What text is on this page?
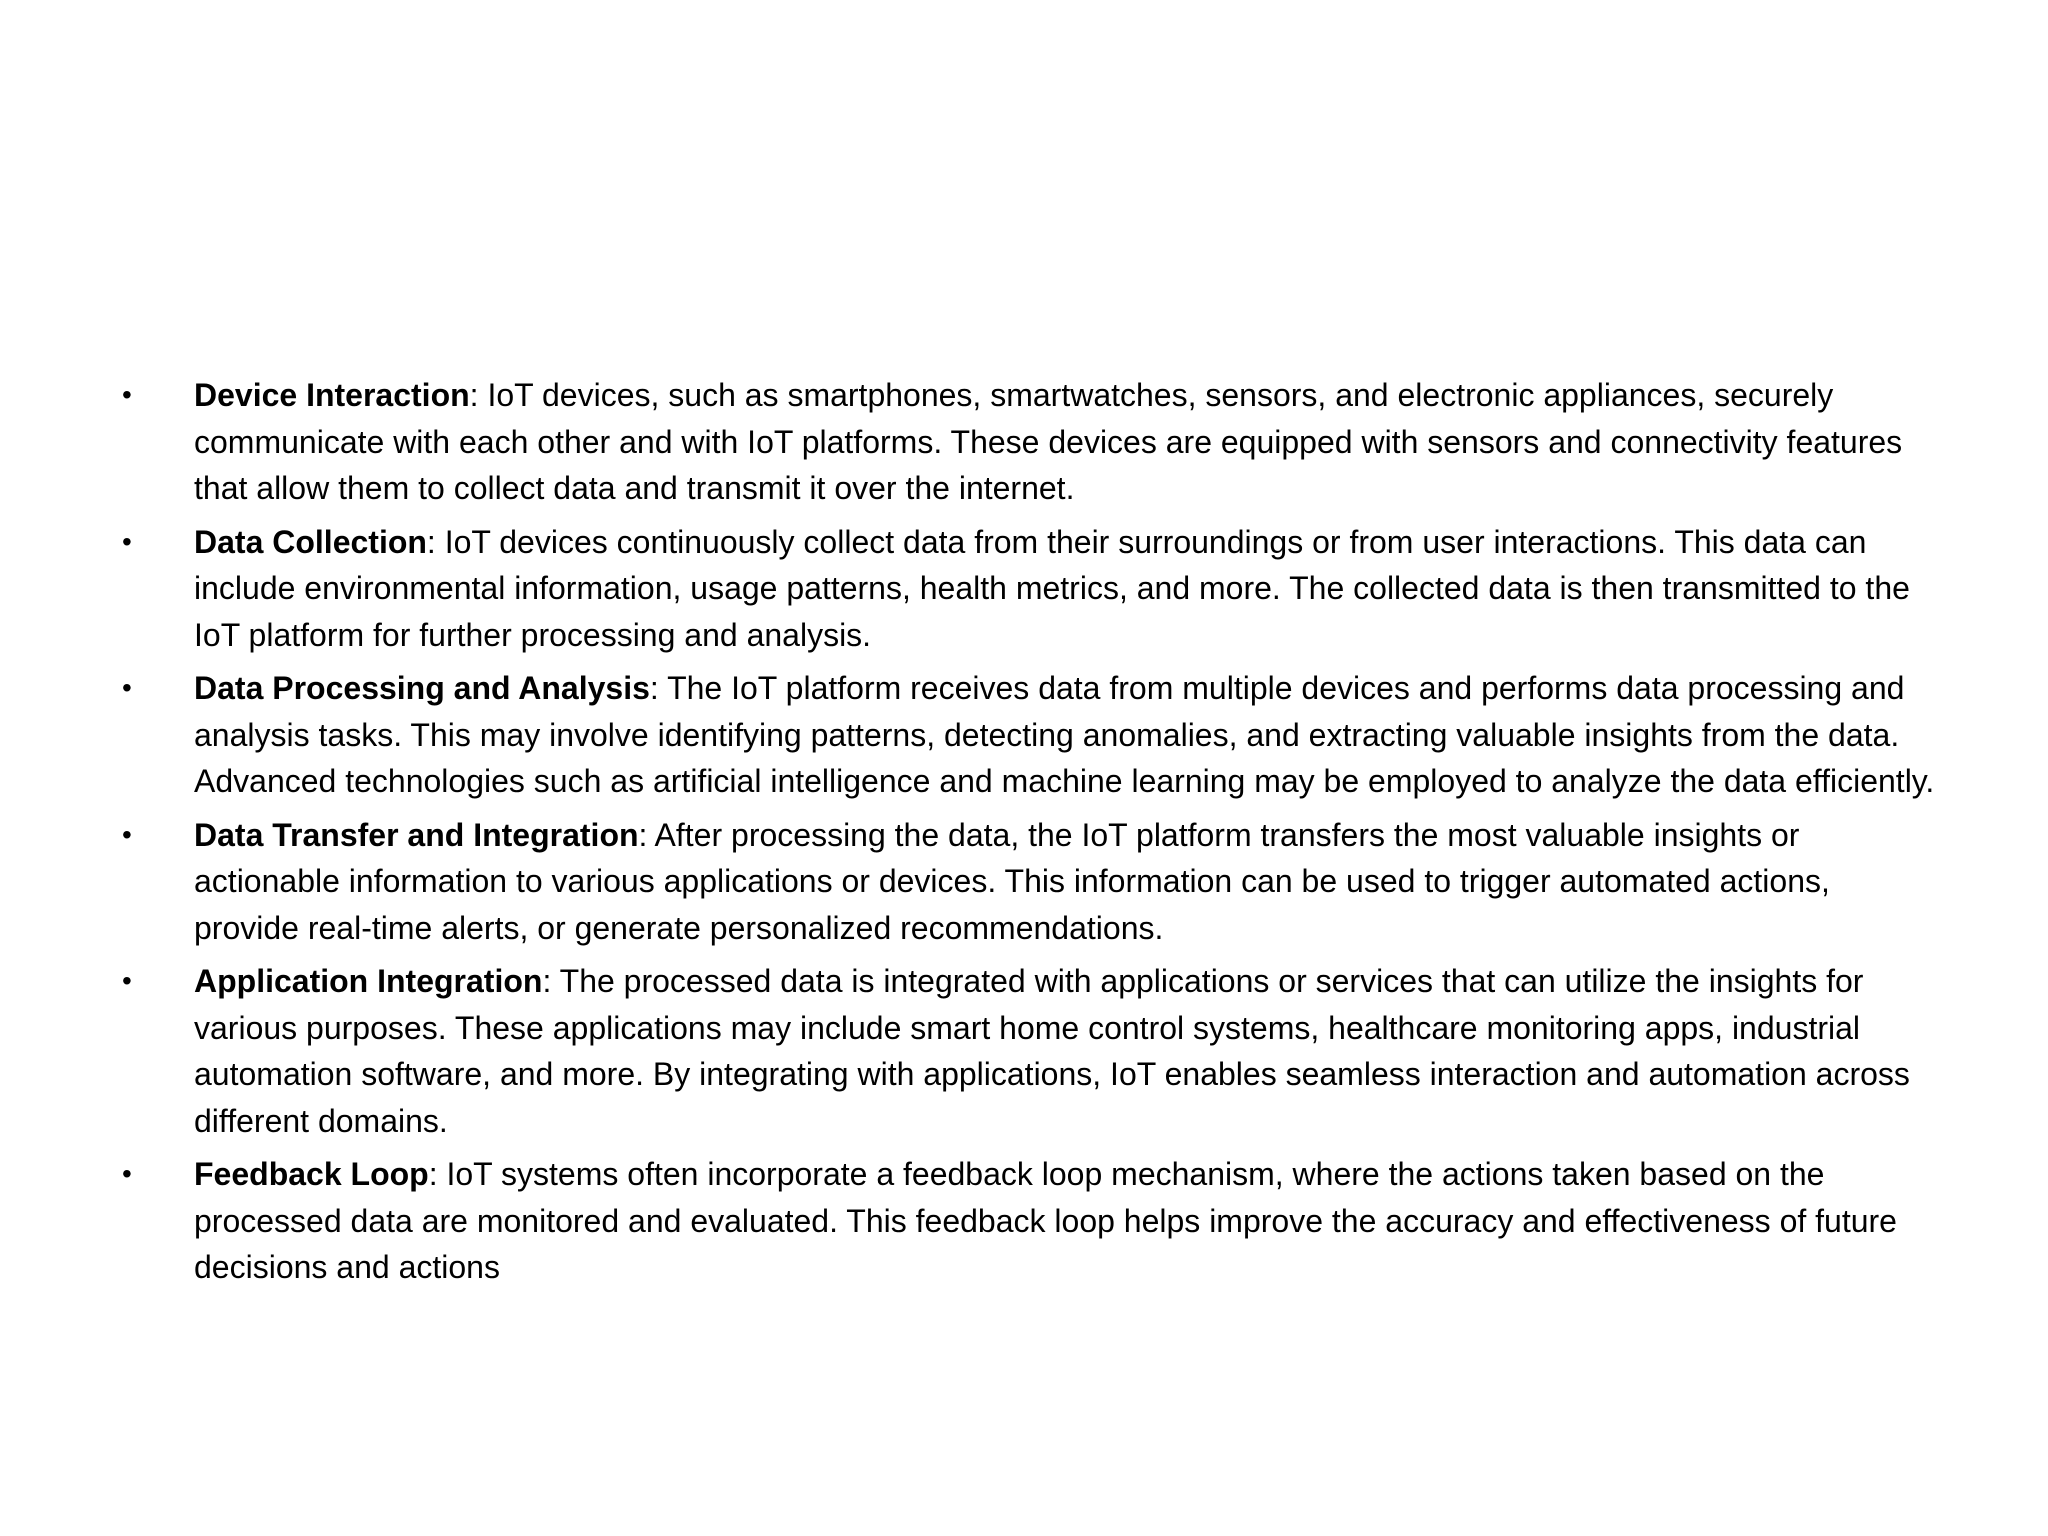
• Device Interaction: IoT devices, such as smartphones, smartwatches, sensors, and electronic appliances, securely communicate with each other and with IoT platforms. These devices are equipped with sensors and connectivity features that allow them to collect data and transmit it over the internet.
• Data Collection: IoT devices continuously collect data from their surroundings or from user interactions. This data can include environmental information, usage patterns, health metrics, and more. The collected data is then transmitted to the IoT platform for further processing and analysis.
• Data Processing and Analysis: The IoT platform receives data from multiple devices and performs data processing and analysis tasks. This may involve identifying patterns, detecting anomalies, and extracting valuable insights from the data. Advanced technologies such as artificial intelligence and machine learning may be employed to analyze the data efficiently.
• Data Transfer and Integration: After processing the data, the IoT platform transfers the most valuable insights or actionable information to various applications or devices. This information can be used to trigger automated actions, provide real-time alerts, or generate personalized recommendations.
• Application Integration: The processed data is integrated with applications or services that can utilize the insights for various purposes. These applications may include smart home control systems, healthcare monitoring apps, industrial automation software, and more. By integrating with applications, IoT enables seamless interaction and automation across different domains.
• Feedback Loop: IoT systems often incorporate a feedback loop mechanism, where the actions taken based on the processed data are monitored and evaluated. This feedback loop helps improve the accuracy and effectiveness of future decisions and actions
